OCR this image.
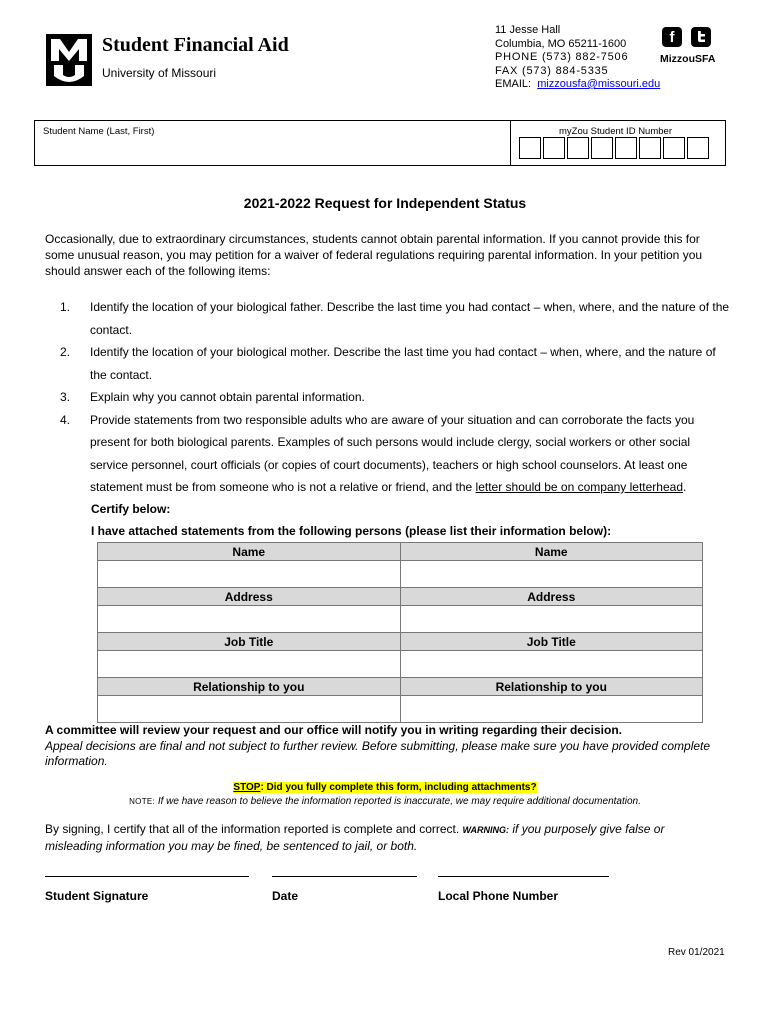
Student Financial Aid
University of Missouri
11 Jesse Hall
Columbia, MO 65211-1600
PHONE (573) 882-7506
FAX (573) 884-5335
EMAIL: mizzousfa@missouri.edu
f
MizzouSFA
Student Name (Last, First)	myZou Student ID Number
2021-2022 Request for Independent Status
Occasionally, due to extraordinary circumstances, students cannot obtain parental information. If you cannot provide this for some unusual reason, you may petition for a waiver of federal regulations requiring parental information. In your petition you should answer each of the following items:
1.	Identify the location of your biological father. Describe the last time you had contact – when, where, and the nature of the contact.
2.	Identify the location of your biological mother. Describe the last time you had contact – when, where, and the nature of the contact.
3.	Explain why you cannot obtain parental information.
4.	Provide statements from two responsible adults who are aware of your situation and can corroborate the facts you present for both biological parents. Examples of such persons would include clergy, social workers or other social service personnel, court officials (or copies of court documents), teachers or high school counselors. At least one statement must be from someone who is not a relative or friend, and the letter should be on company letterhead.
Certify below:
I have attached statements from the following persons (please list their information below):
Name	Name

Address	Address

Job Title	Job Title

Relationship to you	Relationship to you

A committee will review your request and our office will notify you in writing regarding their decision.
Appeal decisions are final and not subject to further review. Before submitting, please make sure you have provided complete information.
STOP: Did you fully complete this form, including attachments?
NOTE: If we have reason to believe the information reported is inaccurate, we may require additional documentation.
By signing, I certify that all of the information reported is complete and correct. WARNING: if you purposely give false or misleading information you may be fined, be sentenced to jail, or both.
Student Signature	Date	Local Phone Number
Rev 01/2021
